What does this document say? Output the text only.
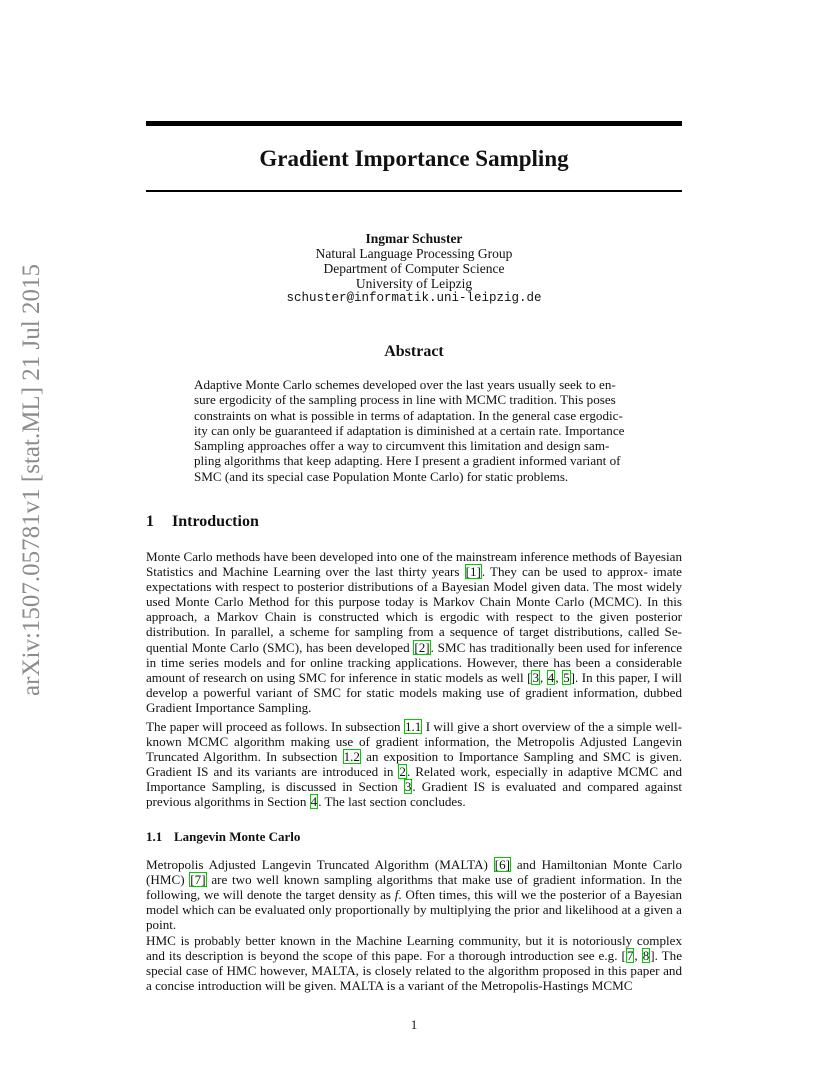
arXiv:1507.05781v1 [stat.ML] 21 Jul 2015
Gradient Importance Sampling
Ingmar Schuster
Natural Language Processing Group
Department of Computer Science
University of Leipzig
schuster@informatik.uni-leipzig.de
Abstract

Adaptive Monte Carlo schemes developed over the last years usually seek to en-

sure ergodicity of the sampling process in line with MCMC tradition. This poses

constraints on what is possible in terms of adaptation. In the general case ergodic-

ity can only be guaranteed if adaptation is diminished at a certain rate. Importance

Sampling approaches offer a way to circumvent this limitation and design sam-

pling algorithms that keep adapting. Here I present a gradient informed variant of

SMC (and its special case Population Monte Carlo) for static problems.

1 Introduction

Monte Carlo methods have been developed into one of the mainstream inference methods of Bayesian Statistics and Machine Learning over the last thirty years [1]. They can be used to approx- imate expectations with respect to posterior distributions of a Bayesian Model given data. The most widely used Monte Carlo Method for this purpose today is Markov Chain Monte Carlo (MCMC). In this approach, a Markov Chain is constructed which is ergodic with respect to the given posterior distribution. In parallel, a scheme for sampling from a sequence of target distributions, called Se- quential Monte Carlo (SMC), has been developed [2]. SMC has traditionally been used for inference in time series models and for online tracking applications. However, there has been a considerable amount of research on using SMC for inference in static models as well [3, 4, 5]. In this paper, I will develop a powerful variant of SMC for static models making use of gradient information, dubbed Gradient Importance Sampling.

The paper will proceed as follows. In subsection 1.1 I will give a short overview of the a simple well- known MCMC algorithm making use of gradient information, the Metropolis Adjusted Langevin Truncated Algorithm. In subsection 1.2 an exposition to Importance Sampling and SMC is given. Gradient IS and its variants are introduced in 2. Related work, especially in adaptive MCMC and Importance Sampling, is discussed in Section 3. Gradient IS is evaluated and compared against previous algorithms in Section 4. The last section concludes.

1.1 Langevin Monte Carlo

Metropolis Adjusted Langevin Truncated Algorithm (MALTA) [6] and Hamiltonian Monte Carlo (HMC) [7] are two well known sampling algorithms that make use of gradient information. In the following, we will denote the target density as f. Often times, this will we the posterior of a Bayesian model which can be evaluated only proportionally by multiplying the prior and likelihood at a given a point.

HMC is probably better known in the Machine Learning community, but it is notoriously complex and its description is beyond the scope of this pape. For a thorough introduction see e.g. [7, 8]. The special case of HMC however, MALTA, is closely related to the algorithm proposed in this paper and a concise introduction will be given. MALTA is a variant of the Metropolis-Hastings MCMC

1
